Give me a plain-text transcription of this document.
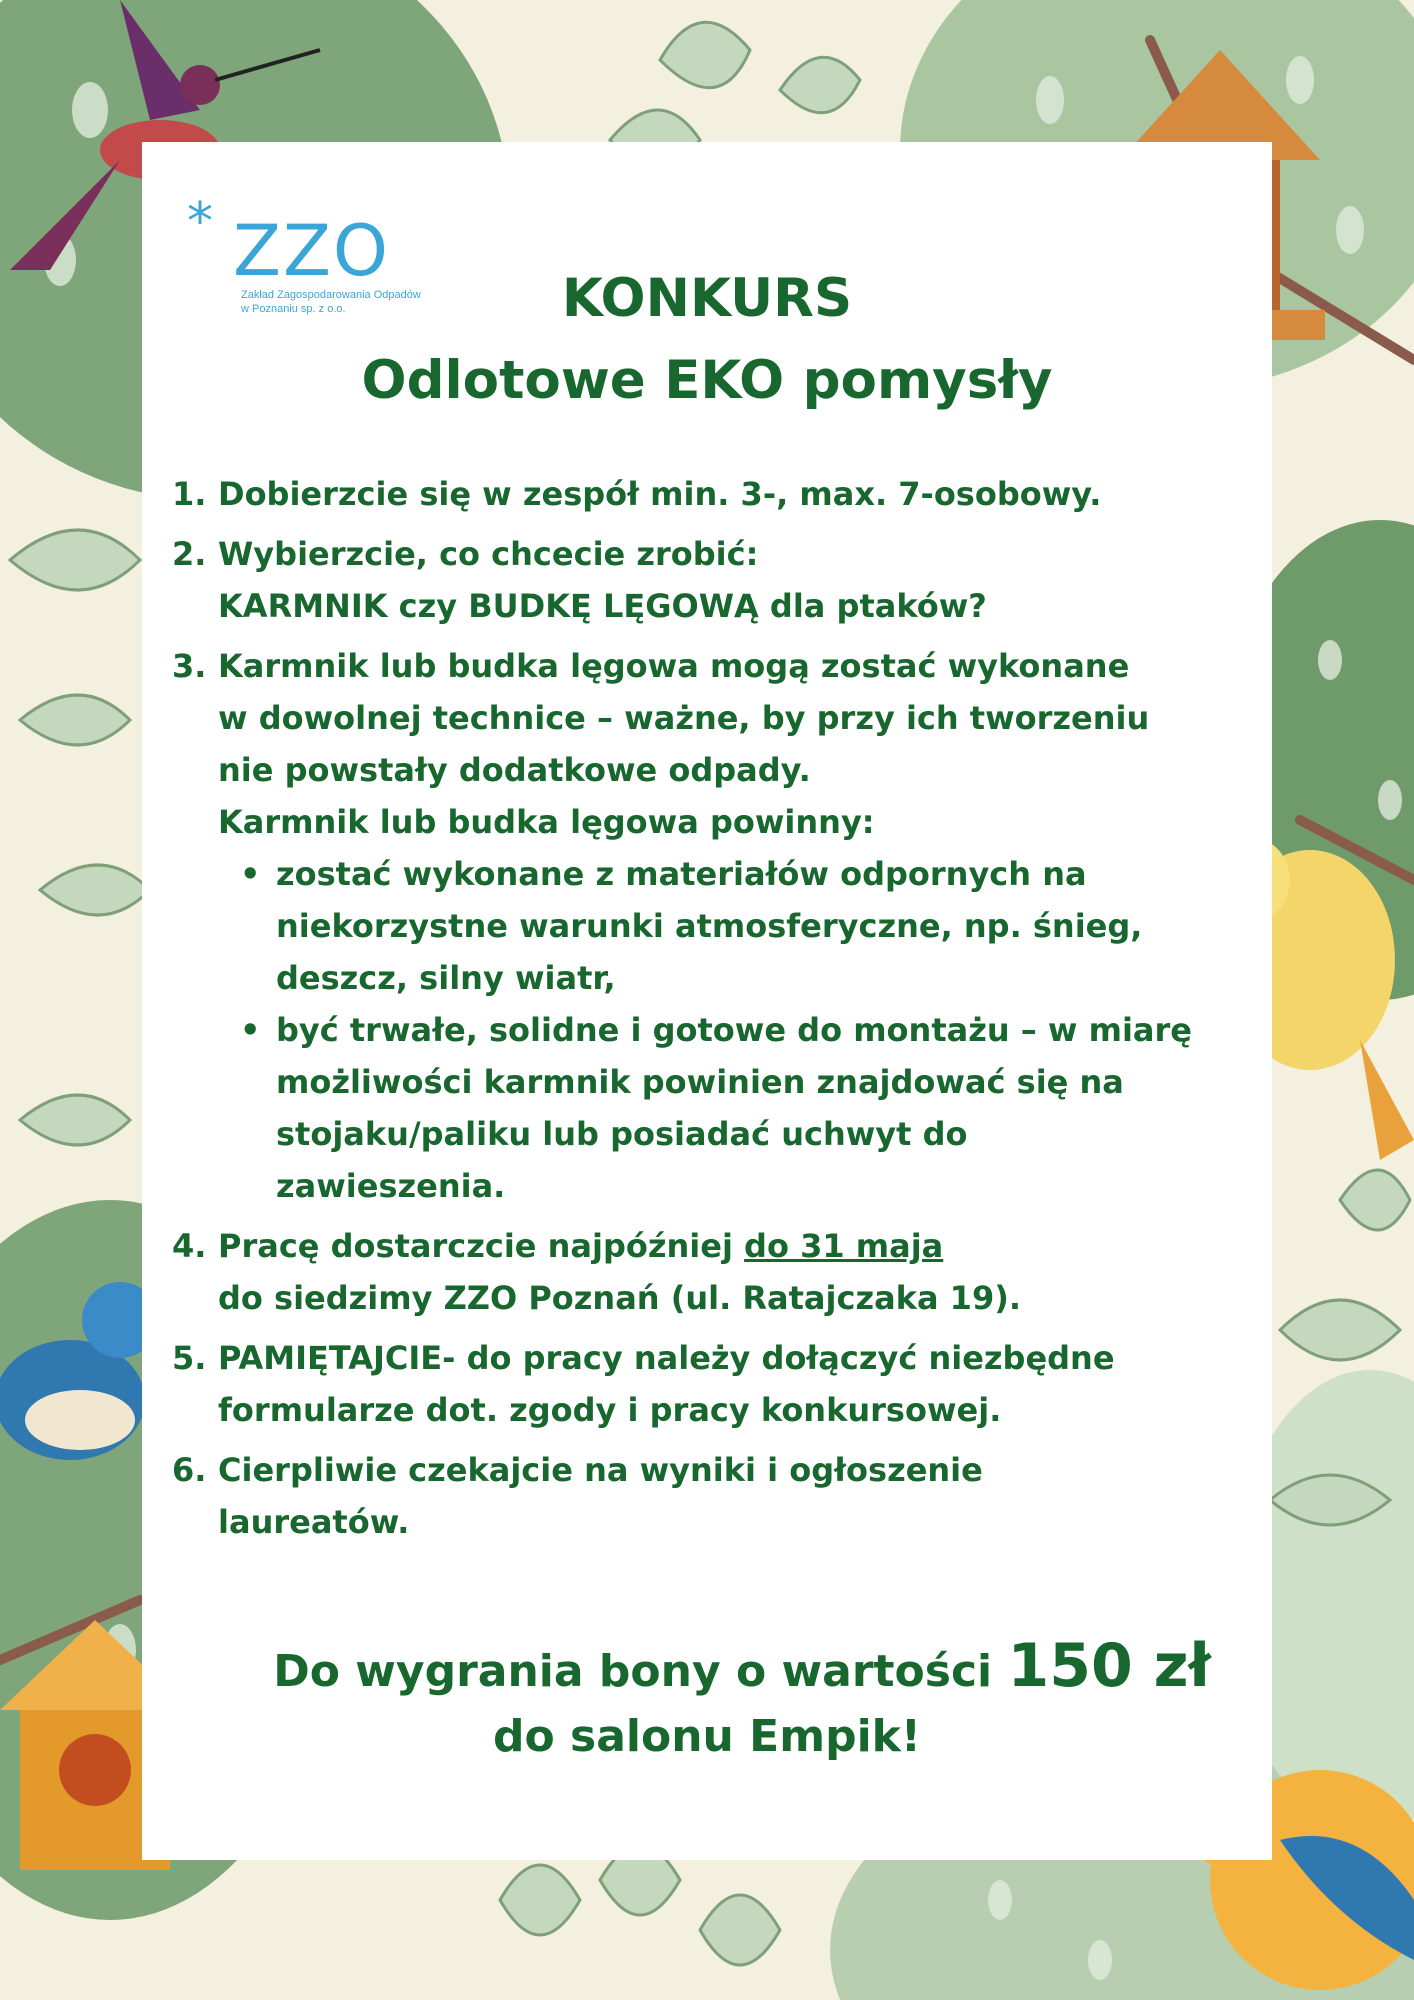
* ZZO
Zakład Zagospodarowania Odpadów
w Poznaniu sp. z o.o.	KONKURS
Odlotowe EKO pomysły
1. Dobierzcie się w zespół min. 3-, max. 7-osobowy.
2. Wybierzcie, co chcecie zrobić:
KARMNIK czy BUDKĘ LĘGOWĄ dla ptaków?
3. Karmnik lub budka lęgowa mogą zostać wykonane
w dowolnej technice – ważne, by przy ich tworzeniu
nie powstały dodatkowe odpady.
Karmnik lub budka lęgowa powinny:
• zostać wykonane z materiałów odpornych na
niekorzystne warunki atmosferyczne, np. śnieg,
deszcz, silny wiatr,
• być trwałe, solidne i gotowe do montażu – w miarę
możliwości karmnik powinien znajdować się na
stojaku/paliku lub posiadać uchwyt do
zawieszenia.
4. Pracę dostarczcie najpóźniej do 31 maja
do siedzimy ZZO Poznań (ul. Ratajczaka 19).
5. PAMIĘTAJCIE- do pracy należy dołączyć niezbędne
formularze dot. zgody i pracy konkursowej.
6. Cierpliwie czekajcie na wyniki i ogłoszenie
laureatów.
Do wygrania bony o wartości 150 zł
do salonu Empik!
